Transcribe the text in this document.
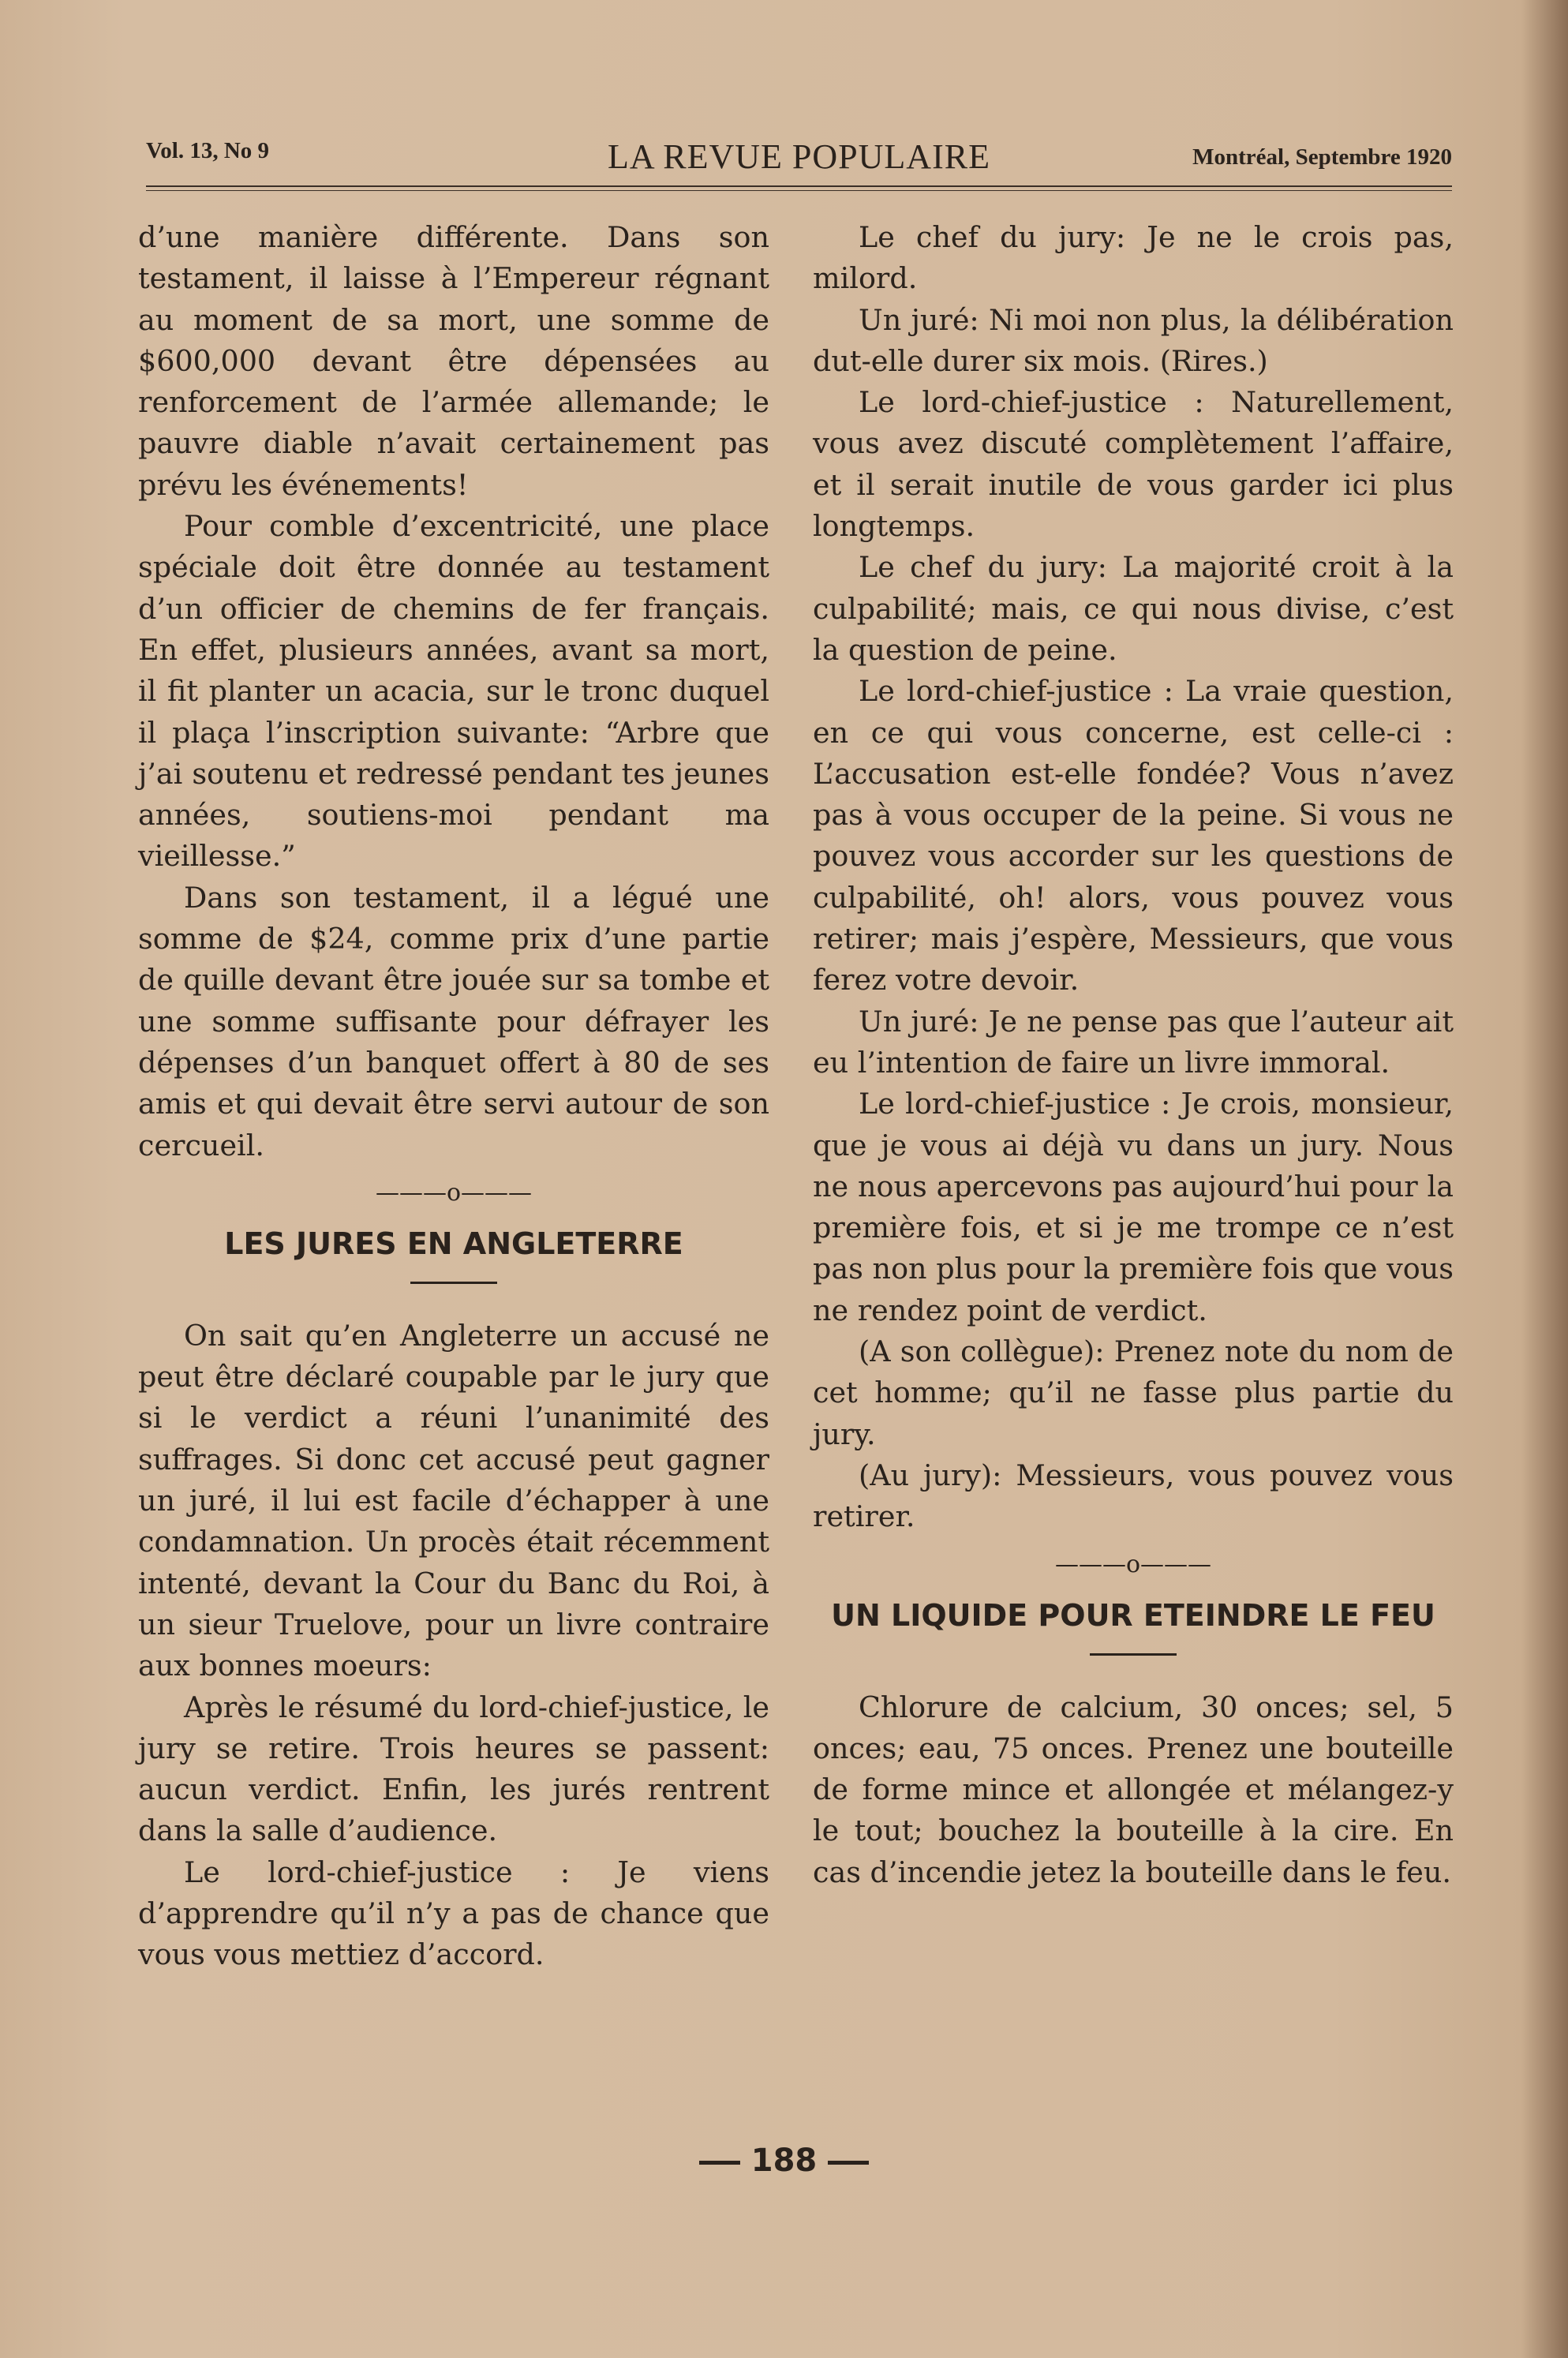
Vol. 13, No 9	LA REVUE POPULAIRE	Montréal, Septembre 1920

d’une manière différente. Dans son testament, il laisse à l’Empereur régnant au moment de sa mort, une somme de $600,000 devant être dépensées au renforcement de l’armée allemande; le pauvre diable n’avait certainement pas prévu les événements!

Pour comble d’excentricité, une place spéciale doit être donnée au testament d’un officier de chemins de fer français. En effet, plusieurs années, avant sa mort, il fit planter un acacia, sur le tronc duquel il plaça l’inscription suivante: “Arbre que j’ai soutenu et redressé pendant tes jeunes années, soutiens-moi pendant ma vieillesse.”

Dans son testament, il a légué une somme de $24, comme prix d’une partie de quille devant être jouée sur sa tombe et une somme suffisante pour défrayer les dépenses d’un banquet offert à 80 de ses amis et qui devait être servi autour de son cercueil.

———o———
LES JURES EN ANGLETERRE

On sait qu’en Angleterre un accusé ne peut être déclaré coupable par le jury que si le verdict a réuni l’unanimité des suffrages. Si donc cet accusé peut gagner un juré, il lui est facile d’échapper à une condamnation. Un procès était récemment intenté, devant la Cour du Banc du Roi, à un sieur Truelove, pour un livre contraire aux bonnes moeurs:

Après le résumé du lord-chief-justice, le jury se retire. Trois heures se passent: aucun verdict. Enfin, les jurés rentrent dans la salle d’audience.

Le lord-chief-justice : Je viens d’apprendre qu’il n’y a pas de chance que vous vous mettiez d’accord.

Le chef du jury: Je ne le crois pas, milord.

Un juré: Ni moi non plus, la délibération dut-elle durer six mois. (Rires.)

Le lord-chief-justice : Naturellement, vous avez discuté complètement l’affaire, et il serait inutile de vous garder ici plus longtemps.

Le chef du jury: La majorité croit à la culpabilité; mais, ce qui nous divise, c’est la question de peine.

Le lord-chief-justice : La vraie question, en ce qui vous concerne, est celle-ci : L’accusation est-elle fondée? Vous n’avez pas à vous occuper de la peine. Si vous ne pouvez vous accorder sur les questions de culpabilité, oh! alors, vous pouvez vous retirer; mais j’espère, Messieurs, que vous ferez votre devoir.

Un juré: Je ne pense pas que l’auteur ait eu l’intention de faire un livre immoral.

Le lord-chief-justice : Je crois, monsieur, que je vous ai déjà vu dans un jury. Nous ne nous apercevons pas aujourd’hui pour la première fois, et si je me trompe ce n’est pas non plus pour la première fois que vous ne rendez point de verdict.

(A son collègue): Prenez note du nom de cet homme; qu’il ne fasse plus partie du jury.

(Au jury): Messieurs, vous pouvez vous retirer.

———o———
UN LIQUIDE POUR ETEINDRE LE FEU

Chlorure de calcium, 30 onces; sel, 5 onces; eau, 75 onces. Prenez une bouteille de forme mince et allongée et mélangez-y le tout; bouchez la bouteille à la cire. En cas d’incendie jetez la bouteille dans le feu.

188
